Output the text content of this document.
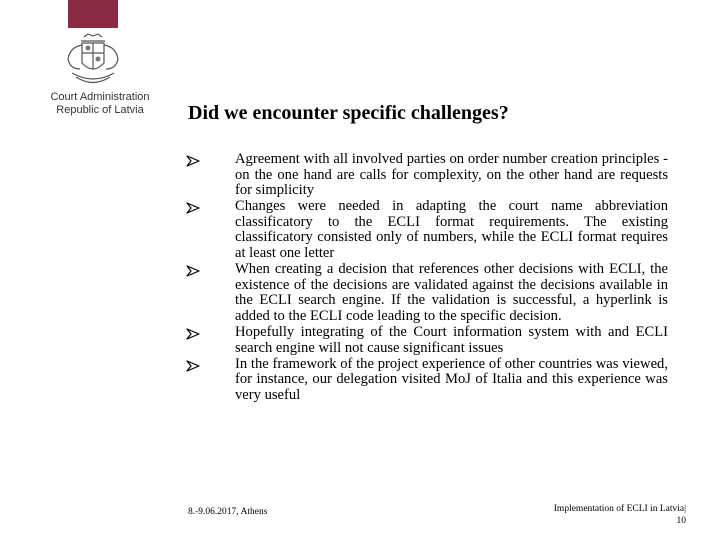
Court Administration
Republic of Latvia	Did we encounter specific challenges?
Agreement with all involved parties on order number creation principles - on the one hand are calls for complexity, on the other hand are requests for simplicity
Changes were needed in adapting the court name abbreviation classificatory to the ECLI format requirements. The existing classificatory consisted only of numbers, while the ECLI format requires at least one letter
When creating a decision that references other decisions with ECLI, the existence of the decisions are validated against the decisions available in the ECLI search engine. If the validation is successful, a hyperlink is added to the ECLI code leading to the specific decision.
Hopefully integrating of the Court information system with and ECLI search engine will not cause significant issues
In the framework of the project experience of other countries was viewed, for instance, our delegation visited MoJ of Italia and this experience was very useful
8.-9.06.2017, Athens	Implementation of ECLI in Latvia|
10
